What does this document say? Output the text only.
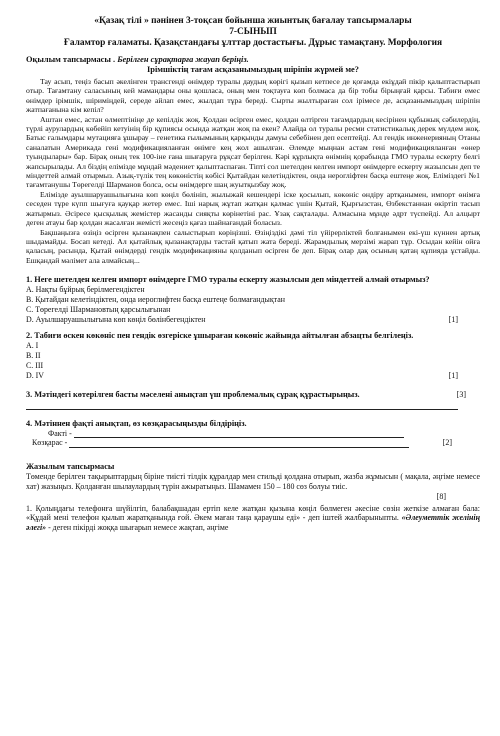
«Қазақ тілі » пәнінен 3-тоқсан бойынша жиынтық бағалау тапсырмалары
7-СЫНЫП
Ғаламтор ғаламаты. Қазақстандағы ұлттар достастығы. Дұрыс тамақтану. Морфология
Оқылым тапсырмасы . Берілген сұрақтарға жауап беріңіз.
Ірімшіктің тағам асқазанымыздың шіріпін жүрмей ме?

Тау асып, теңіз басып әкелінген трансгенді өнімдер туралы даудың көрігі қызып кетпесе де қоғамда екіұдай пікір қалыптастырып отыр. Тағамтану саласының кей мамандары оны қошласа, оның мен тоқтауға көп болмаса да бір тобы бірыңғай қарсы. Табиғи емес өнімдер ірімшік, шіриміңдей, середе айлап емес, жылдап тұра береді. Сырты жылтыраған сол ірімесе де, асқазанымыздың шіріпін жатпағанына кім кепіл?

Аштан емес, астан өлмептініңе де кепілдік жоқ. Қолдан өсірген емес, қолдан өлтірген тағамдардың кесірінен құбыжық сәбилердің, түрлі аурулардың көбейіп кетуінің бір құпиясы осында жатқан жоқ па екен? Алайда ол туралы ресми статистикалық дерек мүлдем жоқ. Батыс ғалымдары мутацияға ұшырау – генетика ғылымының қарқынды дамуы себебінен деп есептейді. Ал гендік инженерияның Отаны саналатын Америкада гені модификацияланған өнімге кең жол ашылған. Әлемде мыңнан астам гені модификацияланған «өнер туындылары» бар. Бірақ оның тек 100-іне ғана шығаруға рұқсат берілген. Кәрі құрлықта өнімнің қорабында ГМО туралы ескерту белгі жапсырылады. Ал біздің елімізде мұндай мәдениет қалыптаспаған. Тіпті сол шетелден келген импорт өнімдерге ескерту жазылсын деп те міндеттей алмай отырмыз. Азық-түлік тең көкөністің көбісі Қытайдан келетіндіктен, онда нерогліфтен басқа ештеңе жоқ. Еліміздегі №1 тағамтанушы Төрегелді Шарманов болса, осы өнімдерге шаң жуытқызбау жоқ.

Елімізде ауылшаруашылығына көп көңіл бөлініп, жылыжай кешендері іске қосылып, көкөніс өндіру артқанымен, импорт өнімға сеседен тұре күпп шығуға қауқар жетер емес. Іші нарық жұтап жатқан қалмас үшін Қытай, Қырғызстан, Өзбекстаннан өкіртіп тасып жатырмыз. Әсіресе қысқылық жемістер жасанды сияқты көрінетіні рас. Ұзақ сақталады. Алмасына мұнде әдрт түспейді. Ал алцырт деген атауы бар қолдан жасалған жемісті жесеңіз қағаз шайнағандай боласыз.

Бақшаңызға өзіңіз өсірген қызанақпен салыстырып көріңізші. Өзіңіздікі дәмі тіл үйірерліктей болғанымен екі-үш күннен артық шыдамайды. Босап кетеді. Ал қытайлық қызанақтарды тастай қатып жата береді. Жарамдылық мерзімі жарап тұр. Осыдан кейін ойға қалаcың, расында, Қытай өнімдерді гендік модификацияны қолданып өсірген бе деп. Бірақ олар дақ осының қатаң құпияда ұстайды. Ешқандай мәлімет ала алмайсың...

1. Неге шетелден келген импорт өнімдерге ГМО туралы ескерту жазылсын деп міндеттей алмай отырмыз?
A. Нақты бұйрық берілмегендіктен
B. Қытайдан келетіндіктен, онда иероглифтен басқа ештеңе болмағандықтан
C. Төрегелді Шармановтың қарсылығынан
D. Ауылшаруашылығына көп көңіл бөлінбегендіктен	[1]
2. Табиғи өскен көкөніс пен гендік өзгеріске ұшыраған көкөніс жайында айтылған абзацты белгілеңіз.
A. I
B. II
C. III
D. IV	[1]
3. Мәтіндегі көтерілген басты мәселені анықтап үш проблемалық сұрақ құрастырыңыз.	[3]
4. Мәтіннен фақті анықтап, өз көзқарасыңызды білдіріңіз.
Факті -
Көзқарас -	[2]
Жазылым тапсырмасы
Төменде берілген тақырыптардың біріне тиісті тілдік құралдар мен стильді қолдана отырып, жазба жұмысын ( мақала, әңгіме немесе хат) жазыңыз. Қолданған шылаулардың түрін ажыратыңыз. Шамамен 150 – 180 сөз болуы тиіс.
[8]
1. Қолыңдағы телефонға шүйілгіп, балабақшадан ертіп келе жатқан қызына көңіл бөлмеген әкесіне сөзін жеткізе алмаған бала: «Құдай мені телефон қылып жаратқанында ғой. Әкем маған таңа қараушы еді» - деп іштей жалбарыныпты. «Әлеуметтік желінің әлегі» - деген пікірді жоққа шығарып немесе жақтап, әңгіме
